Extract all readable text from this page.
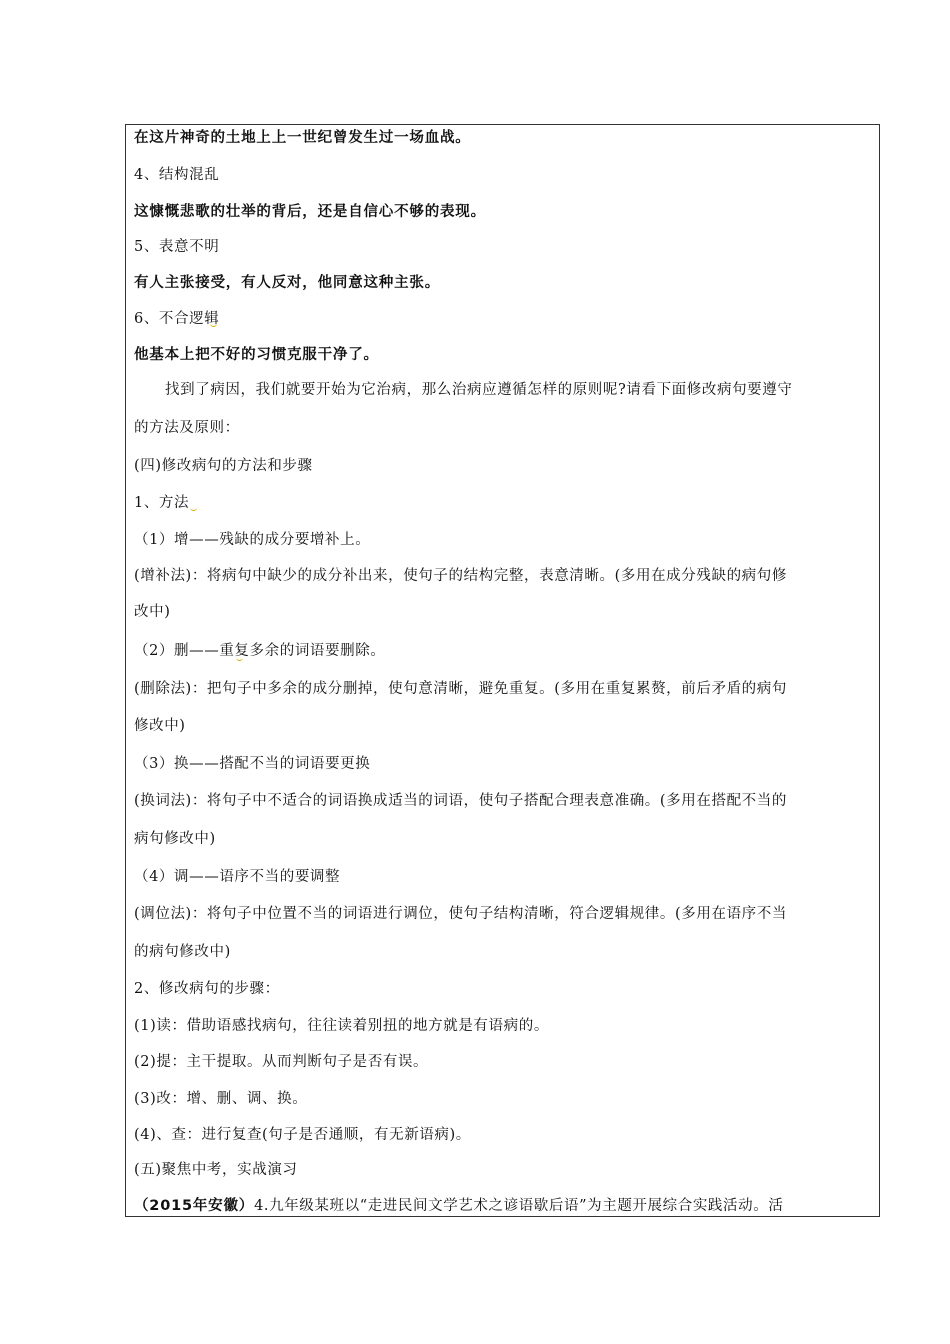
在这片神奇的土地上上一世纪曾发生过一场血战。
4、结构混乱
这慷慨悲歌的壮举的背后，还是自信心不够的表现。
5、表意不明
有人主张接受，有人反对，他同意这种主张。
6、不合逻辑
他基本上把不好的习惯克服干净了。
找到了病因，我们就要开始为它治病，那么治病应遵循怎样的原则呢?请看下面修改病句要遵守
的方法及原则：
(四)修改病句的方法和步骤
1、方法
（1）增——残缺的成分要增补上。
(增补法)：将病句中缺少的成分补出来，使句子的结构完整，表意清晰。(多用在成分残缺的病句修
改中)
（2）删——重复多余的词语要删除。
(删除法)：把句子中多余的成分删掉，使句意清晰，避免重复。(多用在重复累赘，前后矛盾的病句
修改中)
（3）换——搭配不当的词语要更换
(换词法)：将句子中不适合的词语换成适当的词语，使句子搭配合理表意准确。(多用在搭配不当的
病句修改中)
（4）调——语序不当的要调整
(调位法)：将句子中位置不当的词语进行调位，使句子结构清晰，符合逻辑规律。(多用在语序不当
的病句修改中)
2、修改病句的步骤：
(1)读：借助语感找病句，往往读着别扭的地方就是有语病的。
(2)提：主干提取。从而判断句子是否有误。
(3)改：增、删、调、换。
(4)、查：进行复查(句子是否通顺，有无新语病)。
(五)聚焦中考，实战演习
（2015年安徽）4.九年级某班以“走进民间文学艺术之谚语歇后语”为主题开展综合实践活动。活
